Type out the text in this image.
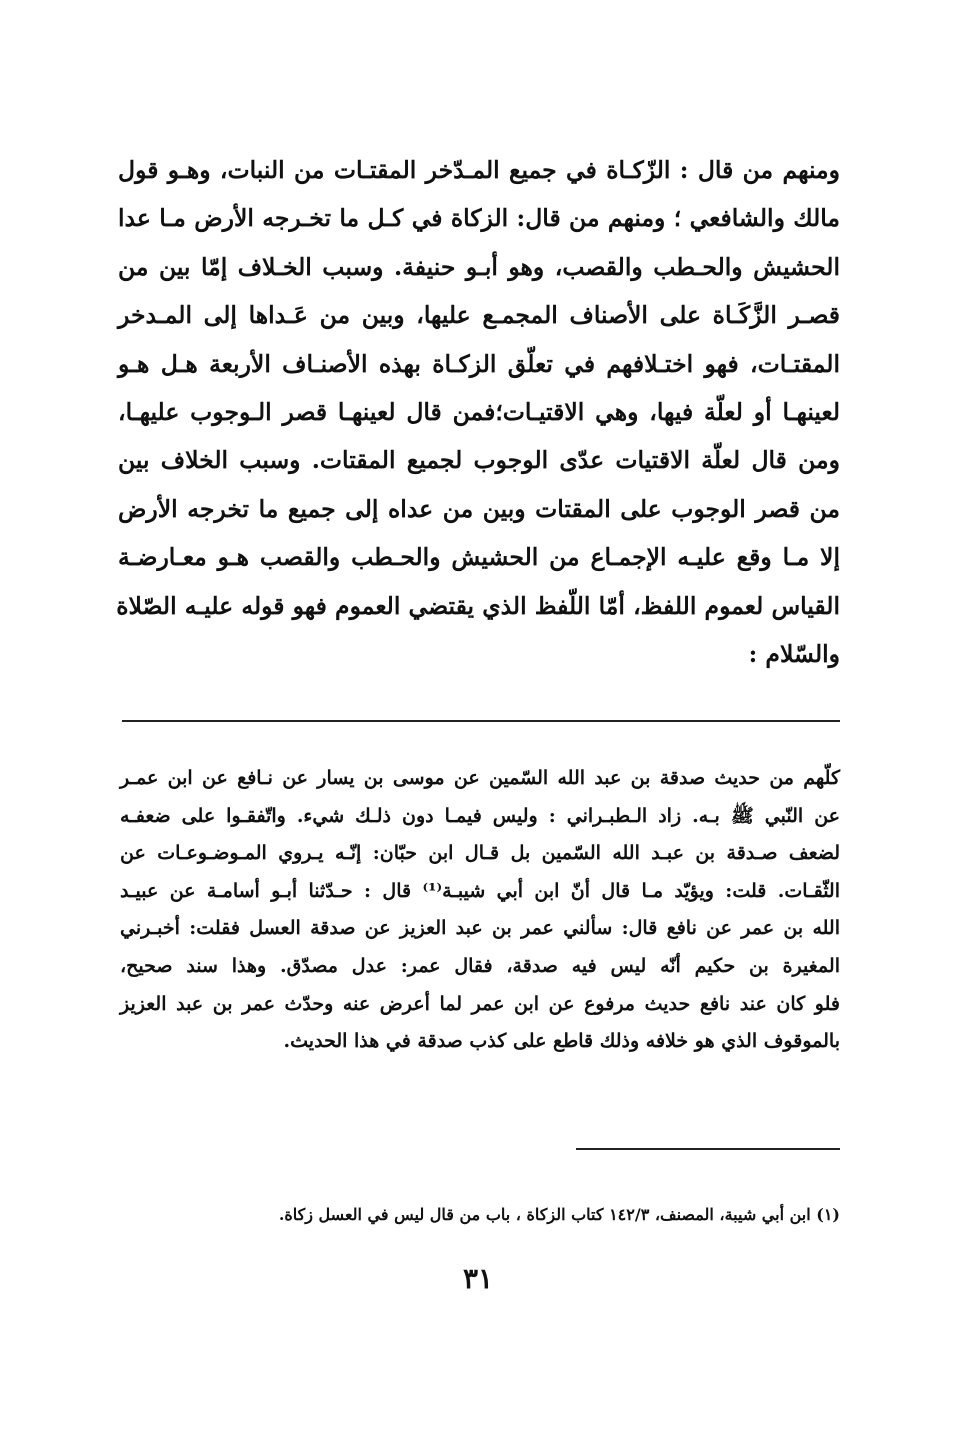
ومنهم من قال : الزّكـاة في جميع المـدّخر المقتـات من النبات، وهـو قول
مالك والشافعي ؛ ومنهم من قال: الزكاة في كـل ما تخـرجه الأرض مـا عدا
الحشيش والحـطب والقصب، وهو أبـو حنيفة. وسبب الخـلاف إمّا بين من
قصـر الزَّكَـاة على الأصناف المجمـع عليها، وبين من عَـداها إلى المـدخر
المقتـات، فهو اختـلافهم في تعلّق الزكـاة بهذه الأصنـاف الأربعة هـل هـو
لعينهـا أو لعلّة فيها، وهي الاقتيـات؛فمن قال لعينهـا قصر الـوجوب عليهـا،
ومن قال لعلّة الاقتيات عدّى الوجوب لجميع المقتات. وسبب الخلاف بين
من قصر الوجوب على المقتات وبين من عداه إلى جميع ما تخرجه الأرض
إلا مـا وقع عليـه الإجمـاع من الحشيش والحـطب والقصب هـو معـارضـة
القياس لعموم اللفظ، أمّا اللّفظ الذي يقتضي العموم فهو قوله عليـه الصّلاة
والسّلام :
كلّهم من حديث صدقة بن عبد الله السّمين عن موسى بن يسار عن نـافع عن ابن عمـر
عن النّبي ﷺ بـه. زاد الـطبـراني : وليس فيمـا دون ذلـك شيء. واتّفقـوا على ضعفـه
لضعف صـدقة بن عبـد الله السّمين بل قـال ابن حبّان: إنّـه يـروي المـوضـوعـات عن
الثّقـات. قلت: ويؤيّد مـا قال أنّ ابن أبي شيبـة⁽¹⁾ قال : حـدّثنا أبـو أسامـة عن عبيـد
الله بن عمر عن نافع قال: سألني عمر بن عبد العزيز عن صدقة العسل فقلت: أخبـرني
المغيرة بن حكيم أنّه ليس فيه صدقة، فقال عمر: عدل مصدّق. وهذا سند صحيح،
فلو كان عند نافع حديث مرفوع عن ابن عمر لما أعرض عنه وحدّث عمر بن عبد العزيز
بالموقوف الذي هو خلافه وذلك قاطع على كذب صدقة في هذا الحديث.
(١) ابن أبي شيبة، المصنف، ١٤٢/٣ كتاب الزكاة ، باب من قال ليس في العسل زكاة.
٣١
